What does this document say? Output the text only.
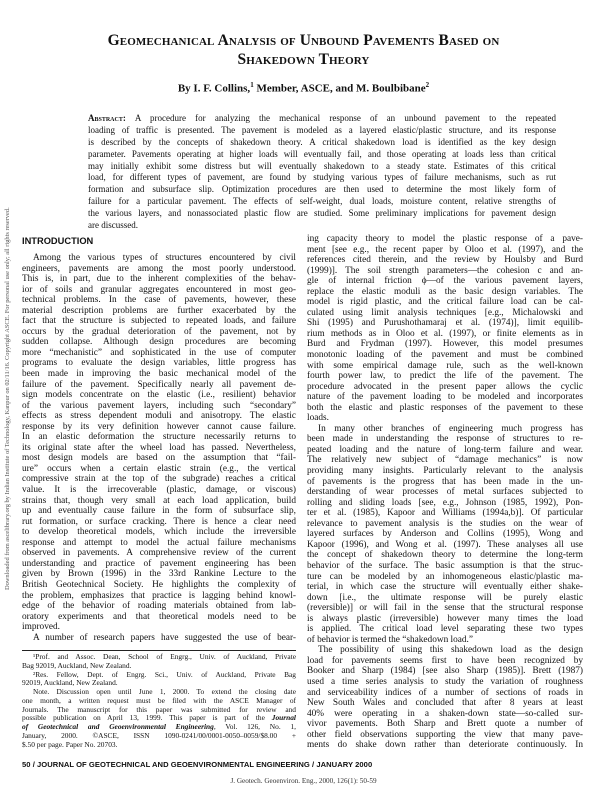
Downloaded from ascelibrary.org by Indian Institute of Technology, Kanpur on 02/11/16. Copyright ASCE. For personal use only; all rights reserved.
Geomechanical Analysis of Unbound Pavements Based on
Shakedown Theory
By I. F. Collins,$^1$ Member, ASCE, and M. Boulbibane$^2$
Abstract:  A procedure for analyzing the mechanical response of an unbound pavement to the repeated
loading of traffic is presented. The pavement is modeled as a layered elastic/plastic structure, and its response
is described by the concepts of shakedown theory. A critical shakedown load is identified as the key design
parameter. Pavements operating at higher loads will eventually fail, and those operating at loads less than critical
may initially exhibit some distress but will eventually shakedown to a steady state. Estimates of this critical
load, for different types of pavement, are found by studying various types of failure mechanisms, such as rut
formation and subsurface slip. Optimization procedures are then used to determine the most likely form of
failure for a particular pavement. The effects of self-weight, dual loads, moisture content, relative strengths of
the various layers, and nonassociated plastic flow are studied. Some preliminary implications for pavement design
are discussed.
INTRODUCTION
Among the various types of structures encountered by civil
engineers, pavements are among the most poorly understood.
This is, in part, due to the inherent complexities of the behav-
ior of soils and granular aggregates encountered in most geo-
technical problems. In the case of pavements, however, these
material description problems are further exacerbated by the
fact that the structure is subjected to repeated loads, and failure
occurs by the gradual deterioration of the pavement, not by
sudden collapse. Although design procedures are becoming
more “mechanistic” and sophisticated in the use of computer
programs to evaluate the design variables, little progress has
been made in improving the basic mechanical model of the
failure of the pavement. Specifically nearly all pavement de-
sign models concentrate on the elastic (i.e., resilient) behavior
of the various pavement layers, including such “secondary”
effects as stress dependent moduli and anisotropy. The elastic
response by its very definition however cannot cause failure.
In an elastic deformation the structure necessarily returns to
its original state after the wheel load has passed. Nevertheless,
most design models are based on the assumption that “fail-
ure” occurs when a certain elastic strain (e.g., the vertical
compressive strain at the top of the subgrade) reaches a critical
value. It is the irrecoverable (plastic, damage, or viscous)
strains that, though very small at each load application, build
up and eventually cause failure in the form of subsurface slip,
rut formation, or surface cracking. There is hence a clear need
to develop theoretical models, which include the irreversible
response and attempt to model the actual failure mechanisms
observed in pavements. A comprehensive review of the current
understanding and practice of pavement engineering has been
given by Brown (1996) in the 33rd Rankine Lecture to the
British Geotechnical Society. He highlights the complexity of
the problem, emphasizes that practice is lagging behind knowl-
edge of the behavior of roading materials obtained from lab-
oratory experiments and that theoretical models need to be
improved.
A number of research papers have suggested the use of bear-
ing capacity theory to model the plastic response of a pave-
ment [see e.g., the recent paper by Oloo et al. (1997), and the
references cited therein, and the review by Houlsby and Burd
(1999)]. The soil strength parameters—the cohesion c and an-
gle of internal friction ϕ—of the various pavement layers,
replace the elastic moduli as the basic design variables. The
model is rigid plastic, and the critical failure load can be cal-
culated using limit analysis techniques [e.g., Michalowski and
Shi (1995) and Purushothamaraj et al. (1974)], limit equilib-
rium methods as in Oloo et al. (1997), or finite elements as in
Burd and Frydman (1997). However, this model presumes
monotonic loading of the pavement and must be combined
with some empirical damage rule, such as the well-known
fourth power law, to predict the life of the pavement. The
procedure advocated in the present paper allows the cyclic
nature of the pavement loading to be modeled and incorporates
both the elastic and plastic responses of the pavement to these
loads.
In many other branches of engineering much progress has
been made in understanding the response of structures to re-
peated loading and the nature of long-term failure and wear.
The relatively new subject of “damage mechanics” is now
providing many insights. Particularly relevant to the analysis
of pavements is the progress that has been made in the un-
derstanding of wear processes of metal surfaces subjected to
rolling and sliding loads [see, e.g., Johnson (1985, 1992), Pon-
ter et al. (1985), Kapoor and Williams (1994a,b)]. Of particular
relevance to pavement analysis is the studies on the wear of
layered surfaces by Anderson and Collins (1995), Wong and
Kapoor (1996), and Wong et al. (1997). These analyses all use
the concept of shakedown theory to determine the long-term
behavior of the surface. The basic assumption is that the struc-
ture can be modeled by an inhomogeneous elastic/plastic ma-
terial, in which case the structure will eventually either shake-
down [i.e., the ultimate response will be purely elastic
(reversible)] or will fail in the sense that the structural response
is always plastic (irreversible) however many times the load
is applied. The critical load level separating these two types
of behavior is termed the “shakedown load.”
The possibility of using this shakedown load as the design
load for pavements seems first to have been recognized by
Booker and Sharp (1984) [see also Sharp (1985)]. Brett (1987)
used a time series analysis to study the variation of roughness
and serviceability indices of a number of sections of roads in
New South Wales and concluded that after 8 years at least
40% were operating in a shaken-down state—so-called sur-
vivor pavements. Both Sharp and Brett quote a number of
other field observations supporting the view that many pave-
ments do shake down rather than deteriorate continuously. In
¹Prof. and Assoc. Dean, School of Engrg., Univ. of Auckland, Private
Bag 92019, Auckland, New Zealand.
²Res. Fellow, Dept. of Engrg. Sci., Univ. of Auckland, Private Bag
92019, Auckland, New Zealand.
Note. Discussion open until June 1, 2000. To extend the closing date
one month, a written request must be filed with the ASCE Manager of
Journals. The manuscript for this paper was submitted for review and
possible publication on April 13, 1999. This paper is part of the Journal
of Geotechnical and Geoenvironmental Engineering, Vol. 126, No. 1,
January, 2000. ©ASCE, ISSN 1090-0241/00/0001-0050–0059/$8.00 +
$.50 per page. Paper No. 20703.
50 / JOURNAL OF GEOTECHNICAL AND GEOENVIRONMENTAL ENGINEERING / JANUARY 2000
J. Geotech. Geoenviron. Eng., 2000, 126(1): 50-59
